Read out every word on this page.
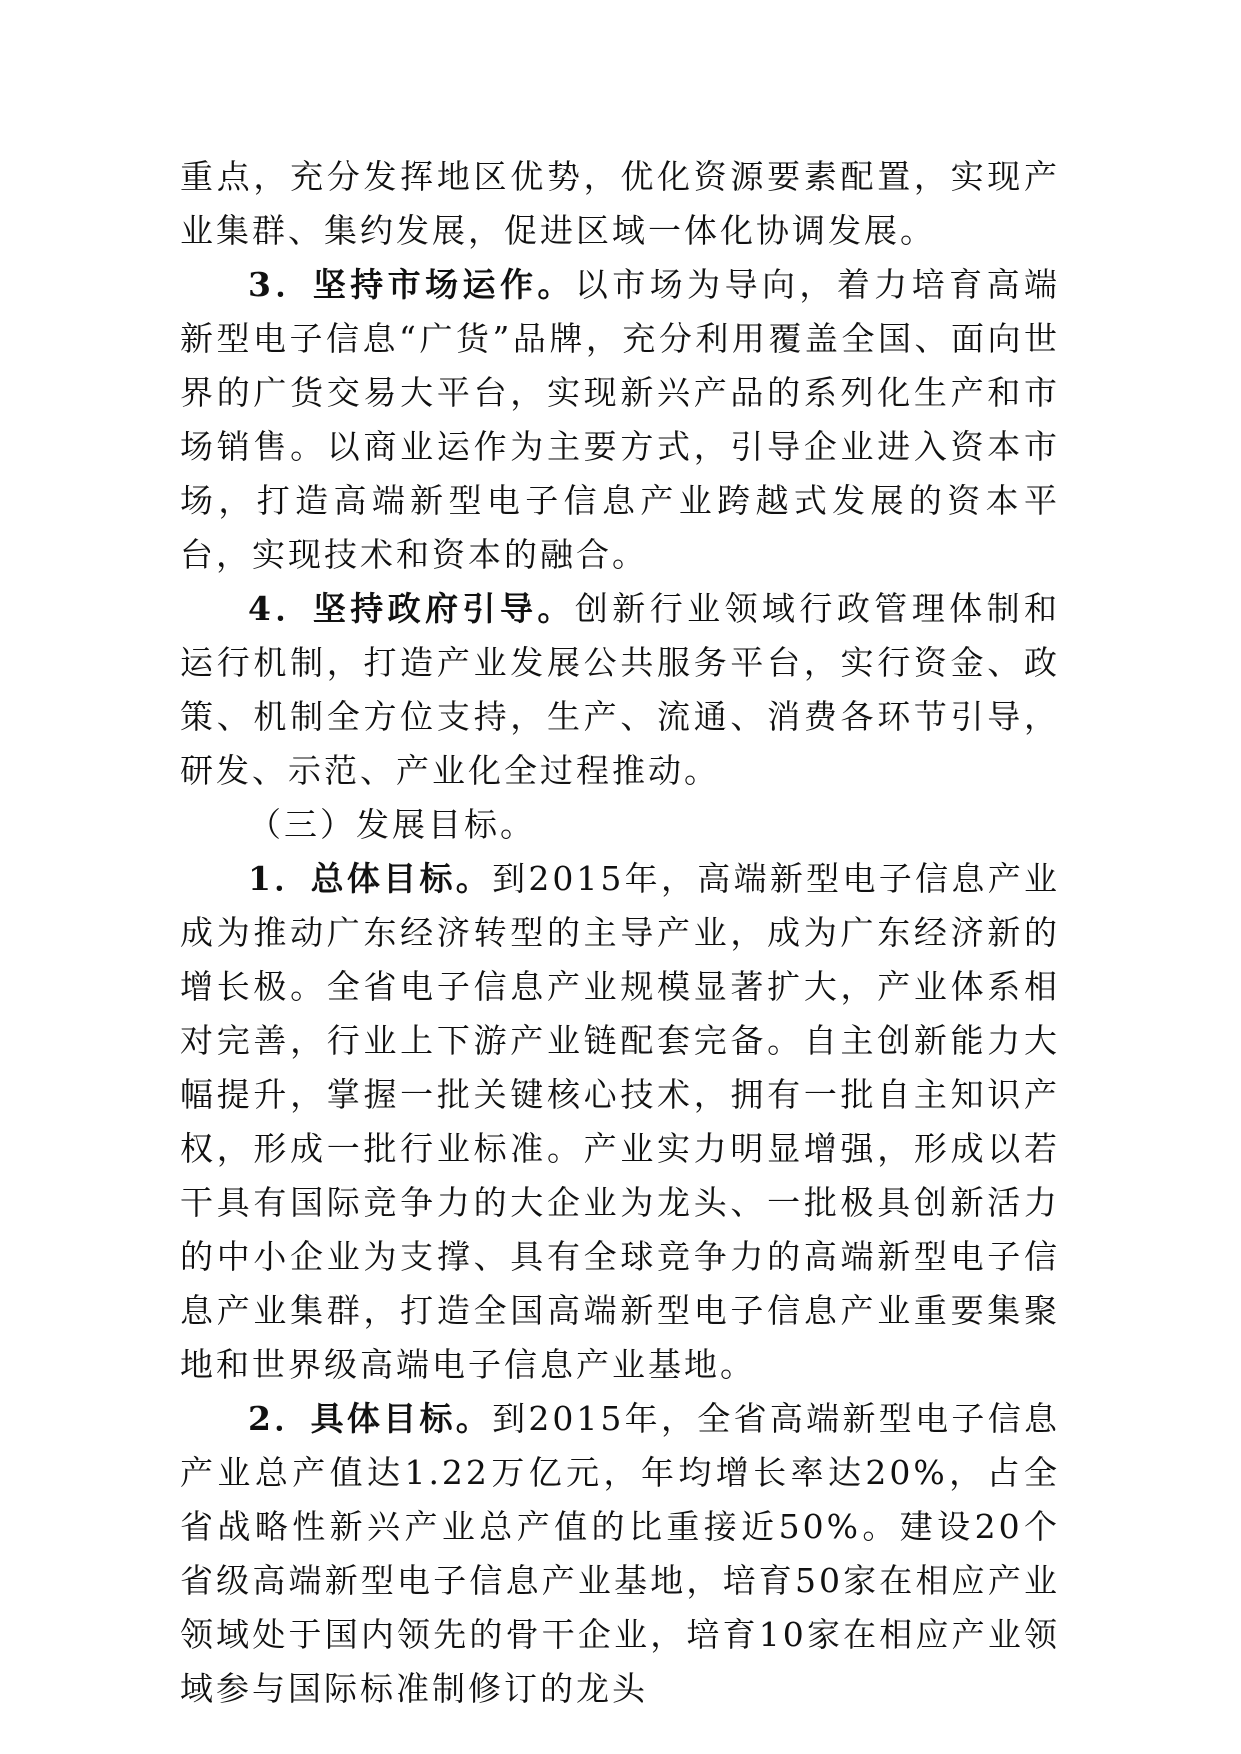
重点，充分发挥地区优势，优化资源要素配置，实现产业集群、集约发展，促进区域一体化协调发展。

3．坚持市场运作。以市场为导向，着力培育高端新型电子信息“广货”品牌，充分利用覆盖全国、面向世界的广货交易大平台，实现新兴产品的系列化生产和市场销售。以商业运作为主要方式，引导企业进入资本市场，打造高端新型电子信息产业跨越式发展的资本平台，实现技术和资本的融合。

4．坚持政府引导。创新行业领域行政管理体制和运行机制，打造产业发展公共服务平台，实行资金、政策、机制全方位支持，生产、流通、消费各环节引导，研发、示范、产业化全过程推动。

（三）发展目标。

1．总体目标。到2015年，高端新型电子信息产业成为推动广东经济转型的主导产业，成为广东经济新的增长极。全省电子信息产业规模显著扩大，产业体系相对完善，行业上下游产业链配套完备。自主创新能力大幅提升，掌握一批关键核心技术，拥有一批自主知识产权，形成一批行业标准。产业实力明显增强，形成以若干具有国际竞争力的大企业为龙头、一批极具创新活力的中小企业为支撑、具有全球竞争力的高端新型电子信息产业集群，打造全国高端新型电子信息产业重要集聚地和世界级高端电子信息产业基地。

2．具体目标。到2015年，全省高端新型电子信息产业总产值达1.22万亿元，年均增长率达20%，占全省战略性新兴产业总产值的比重接近50%。建设20个省级高端新型电子信息产业基地，培育50家在相应产业领域处于国内领先的骨干企业，培育10家在相应产业领域参与国际标准制修订的龙头
